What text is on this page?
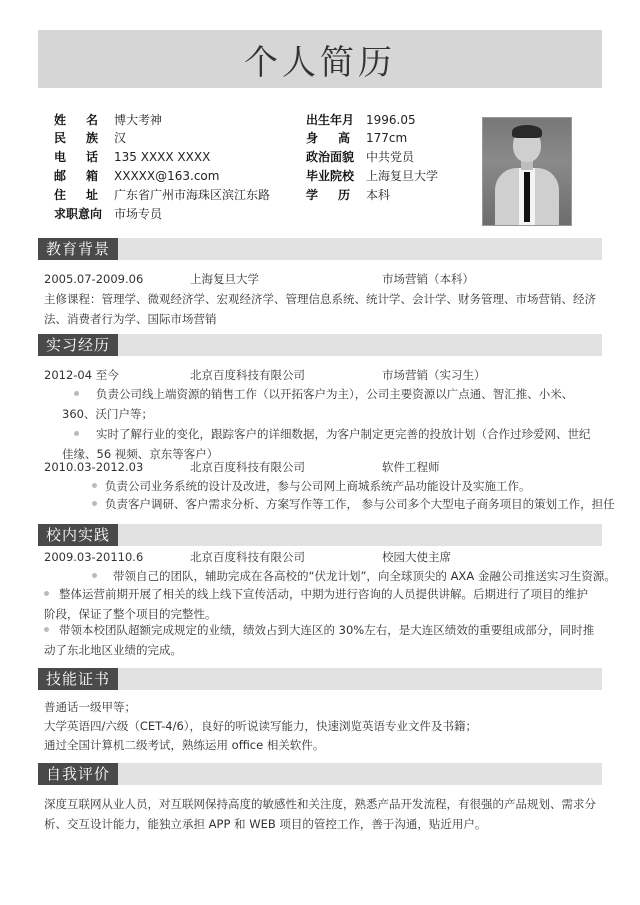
个人简历
姓名 博大考神
民族 汉
电话 135 XXXX XXXX
邮箱 XXXXX@163.com
住址 广东省广州市海珠区滨江东路
求职意向 市场专员
出生年月 1996.05
身高 177cm
政治面貌 中共党员
毕业院校 上海复旦大学
学历 本科
教育背景
2005.07-2009.06	上海复旦大学	市场营销（本科）
主修课程：管理学、微观经济学、宏观经济学、管理信息系统、统计学、会计学、财务管理、市场营销、经济法、消费者行为学、国际市场营销
实习经历
2012-04 至今	北京百度科技有限公司	市场营销（实习生）
负责公司线上端资源的销售工作（以开拓客户为主），公司主要资源以广点通、智汇推、小米、360、沃门户等；
实时了解行业的变化，跟踪客户的详细数据，为客户制定更完善的投放计划（合作过珍爱网、世纪佳缘、56 视频、京东等客户）
2010.03-2012.03	北京百度科技有限公司	软件工程师
负责公司业务系统的设计及改进，参与公司网上商城系统产品功能设计及实施工作。
负责客户调研、客户需求分析、方案写作等工作， 参与公司多个大型电子商务项目的策划工作，担任
校内实践
2009.03-20110.6	北京百度科技有限公司	校园大使主席
带领自己的团队，辅助完成在各高校的“伏龙计划”，向全球顶尖的 AXA 金融公司推送实习生资源。
整体运营前期开展了相关的线上线下宣传活动，中期为进行咨询的人员提供讲解。后期进行了项目的维护阶段，保证了整个项目的完整性。
带领本校团队超额完成规定的业绩，绩效占到大连区的 30%左右，是大连区绩效的重要组成部分，同时推动了东北地区业绩的完成。
技能证书
普通话一级甲等；
大学英语四/六级（CET-4/6），良好的听说读写能力，快速浏览英语专业文件及书籍；
通过全国计算机二级考试，熟练运用 office 相关软件。
自我评价
深度互联网从业人员，对互联网保持高度的敏感性和关注度，熟悉产品开发流程，有很强的产品规划、需求分析、交互设计能力，能独立承担 APP 和 WEB 项目的管控工作，善于沟通，贴近用户。
